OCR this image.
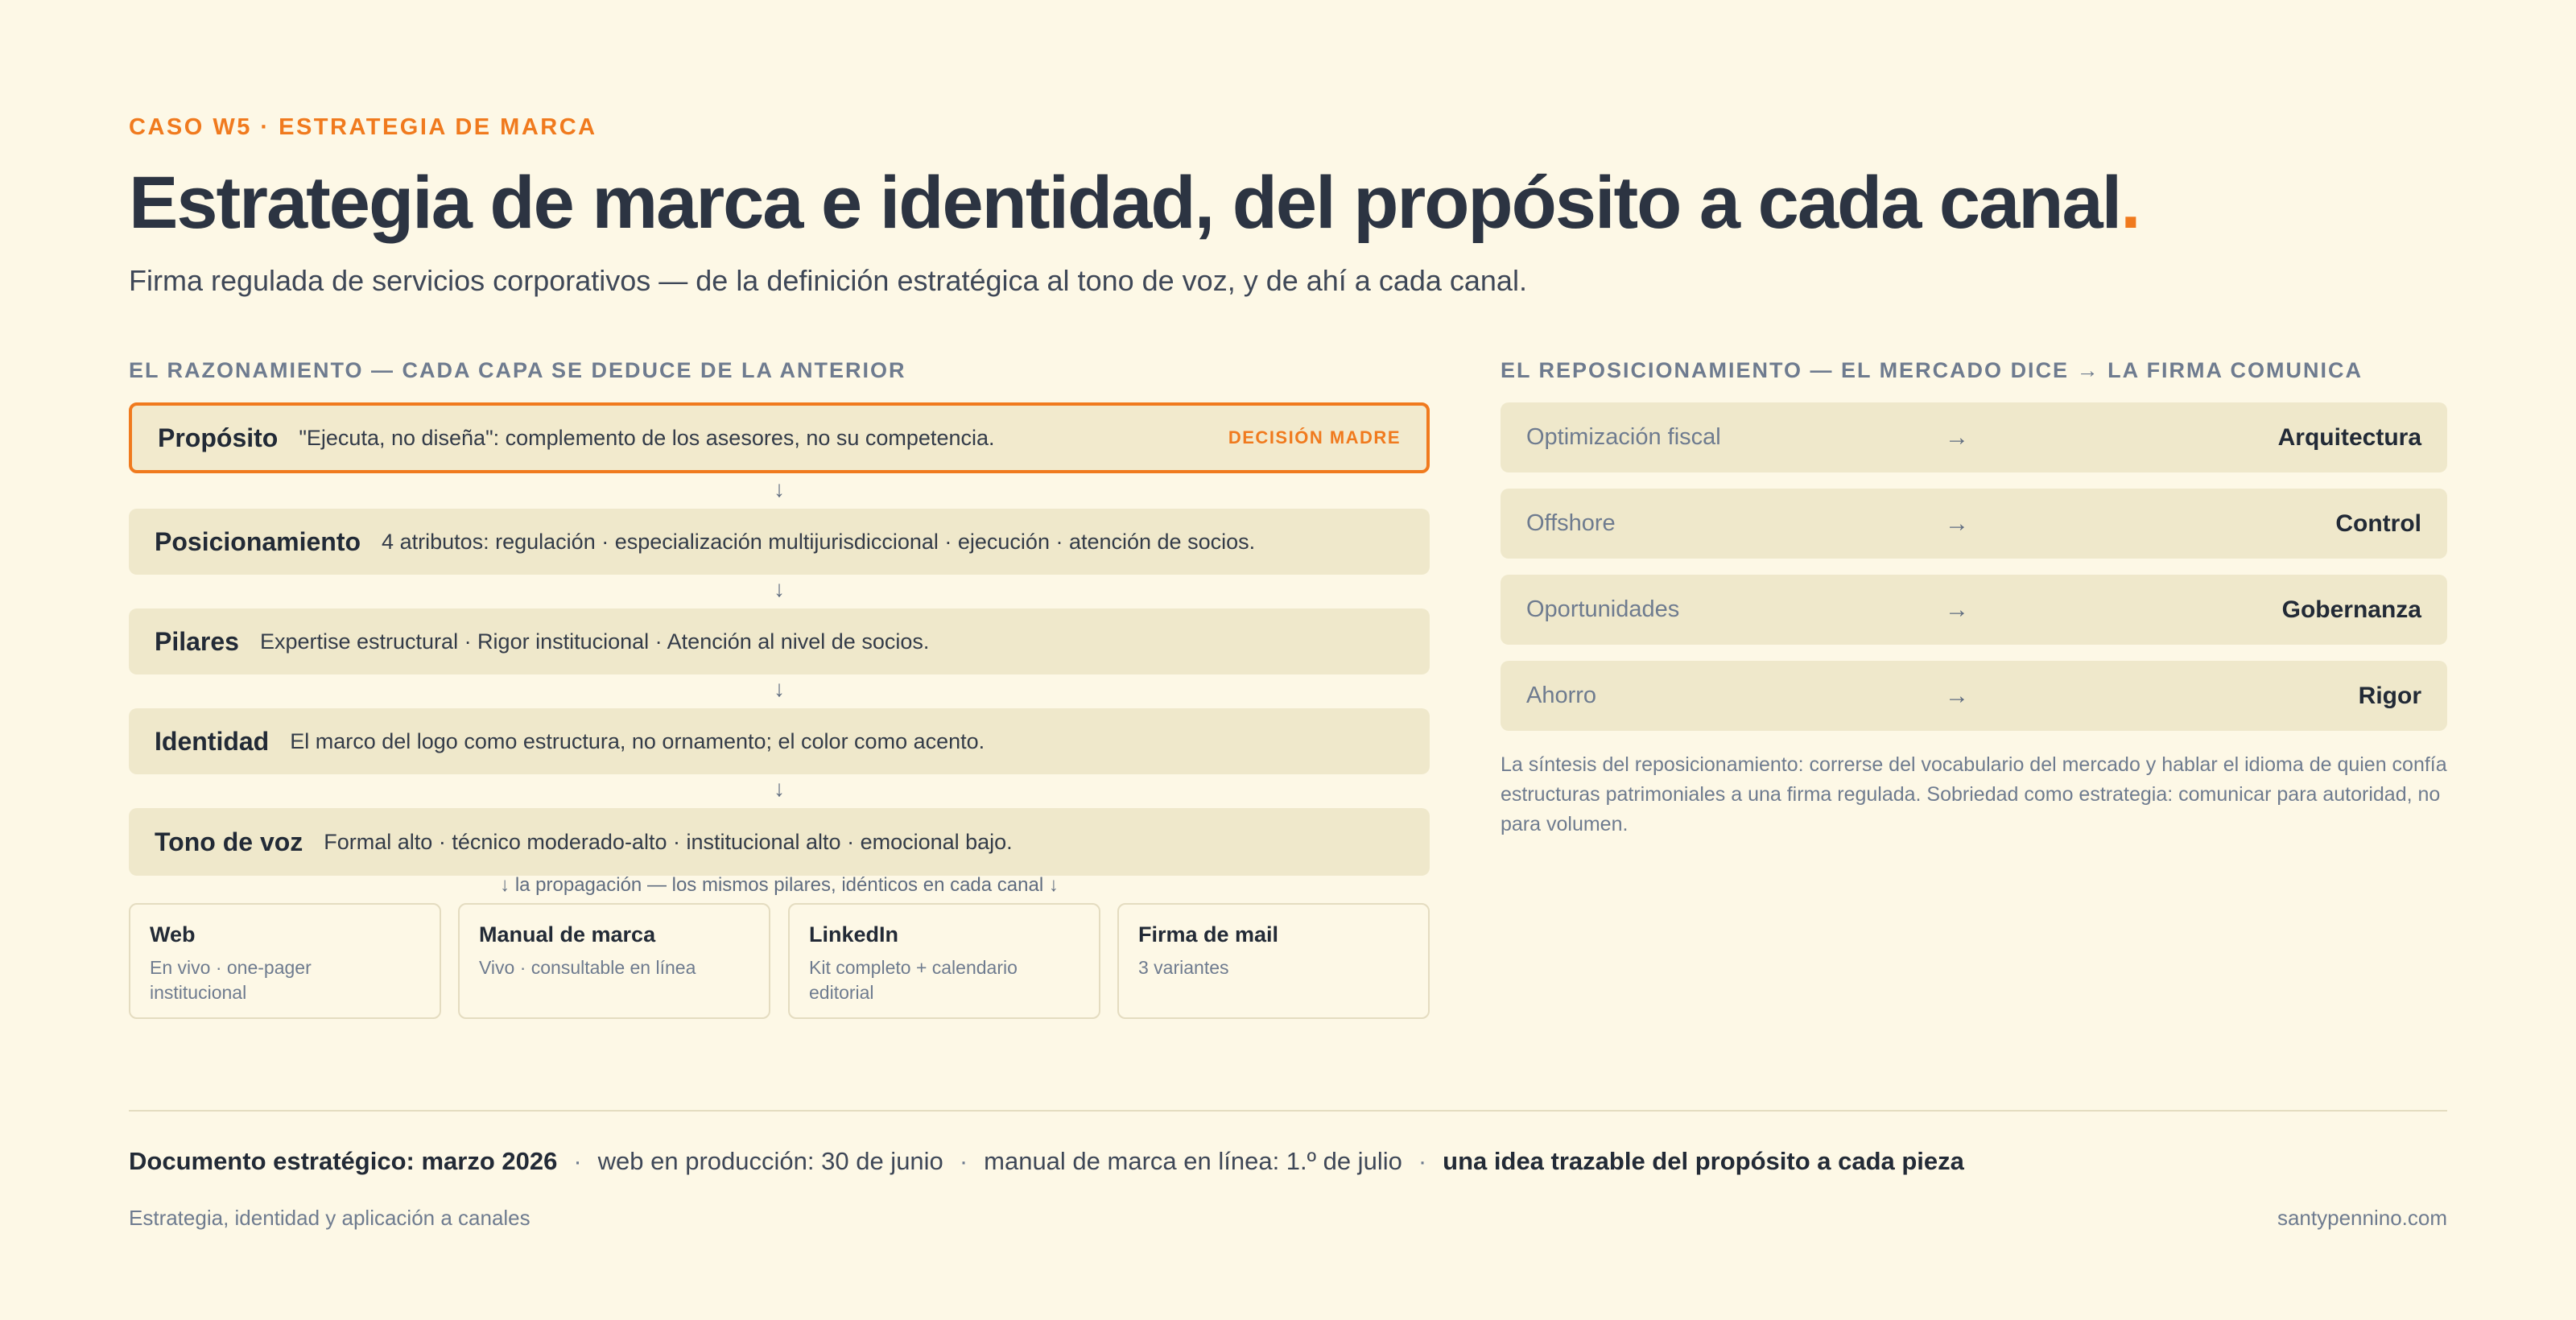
CASO W5 · ESTRATEGIA DE MARCA
Estrategia de marca e identidad, del propósito a cada canal.

Firma regulada de servicios corporativos — de la definición estratégica al tono de voz, y de ahí a cada canal.

EL RAZONAMIENTO — CADA CAPA SE DEDUCE DE LA ANTERIOR
Propósito "Ejecuta, no diseña": complemento de los asesores, no su competencia.	DECISIÓN MADRE
↓
Posicionamiento 4 atributos: regulación · especialización multijurisdiccional · ejecución · atención de socios.
↓
Pilares Expertise estructural · Rigor institucional · Atención al nivel de socios.
↓
Identidad El marco del logo como estructura, no ornamento; el color como acento.
↓
Tono de voz Formal alto · técnico moderado-alto · institucional alto · emocional bajo.
↓ la propagación — los mismos pilares, idénticos en cada canal ↓
Web
En vivo · one-pager institucional
Manual de marca
Vivo · consultable en línea
LinkedIn
Kit completo + calendario editorial
Firma de mail
3 variantes
EL REPOSICIONAMIENTO — EL MERCADO DICE → LA FIRMA COMUNICA
Optimización fiscal	→	Arquitectura
Offshore	→	Control
Oportunidades	→	Gobernanza
Ahorro	→	Rigor

La síntesis del reposicionamiento: correrse del vocabulario del mercado y hablar el idioma de quien confía estructuras patrimoniales a una firma regulada. Sobriedad como estrategia: comunicar para autoridad, no para volumen.

Documento estratégico: marzo 2026 · web en producción: 30 de junio · manual de marca en línea: 1.º de julio · una idea trazable del propósito a cada pieza
Estrategia, identidad y aplicación a canales	santypennino.com
